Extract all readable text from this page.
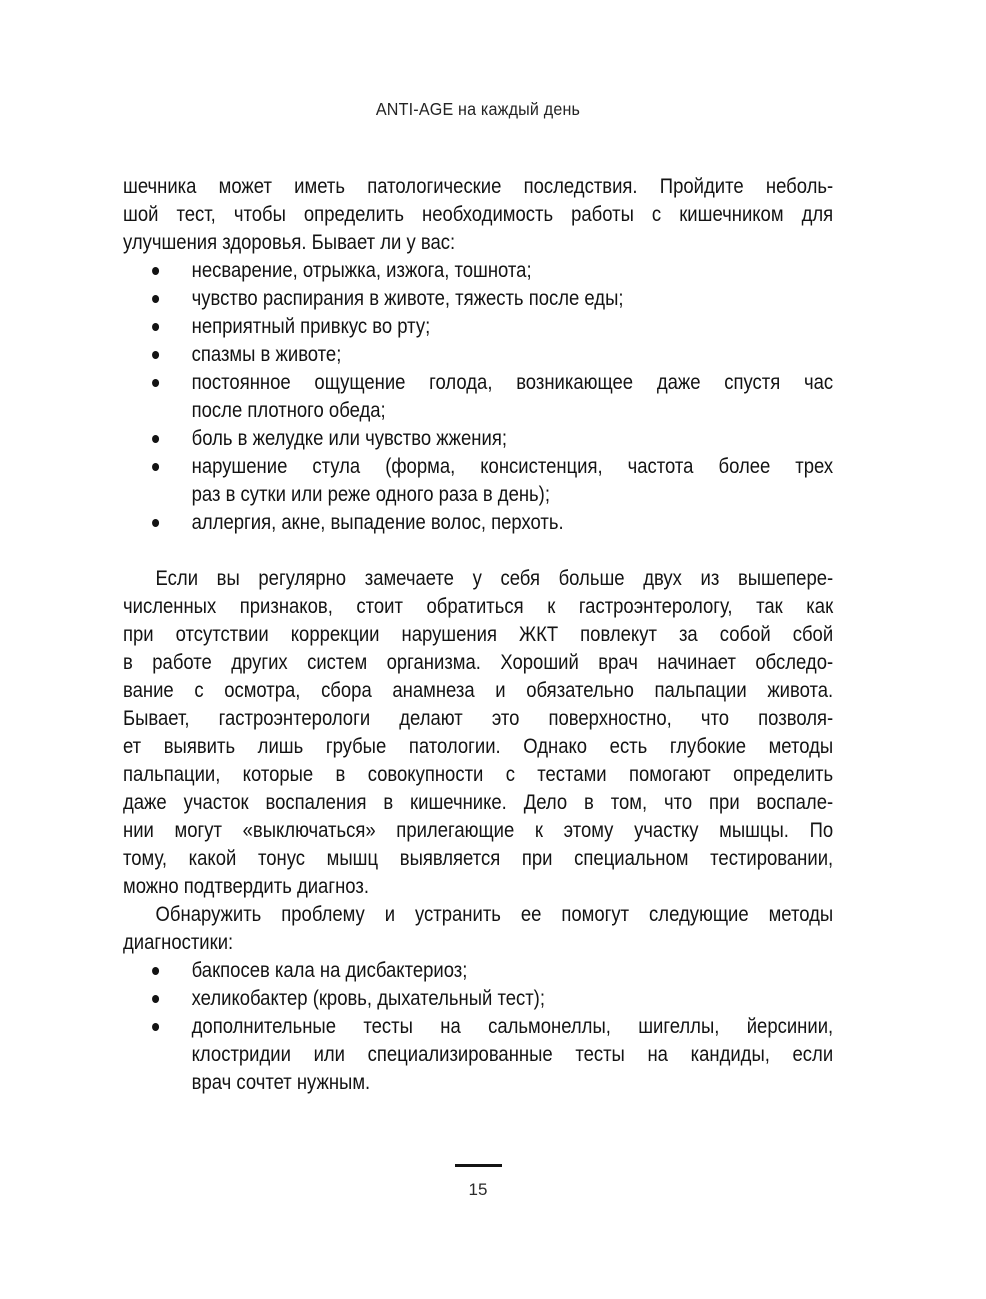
ANTI-AGE на каждый день
шечника может иметь патологические последствия. Пройдите неболь-
шой тест, чтобы определить необходимость работы с кишечником для
улучшения здоровья. Бывает ли у вас:
несварение, отрыжка, изжога, тошнота;
чувство распирания в животе, тяжесть после еды;
неприятный привкус во рту;
спазмы в животе;
постоянное ощущение голода, возникающее даже спустя час
после плотного обеда;
боль в желудке или чувство жжения;
нарушение стула (форма, консистенция, частота более трех
раз в сутки или реже одного раза в день);
аллергия, акне, выпадение волос, перхоть.
Если вы регулярно замечаете у себя больше двух из вышепере-
численных признаков, стоит обратиться к гастроэнтерологу, так как
при отсутствии коррекции нарушения ЖКТ повлекут за собой сбой
в работе других систем организма. Хороший врач начинает обследо-
вание с осмотра, сбора анамнеза и обязательно пальпации живота.
Бывает, гастроэнтерологи делают это поверхностно, что позволя-
ет выявить лишь грубые патологии. Однако есть глубокие методы
пальпации, которые в совокупности с тестами помогают определить
даже участок воспаления в кишечнике. Дело в том, что при воспале-
нии могут «выключаться» прилегающие к этому участку мышцы. По
тому, какой тонус мышц выявляется при специальном тестировании,
можно подтвердить диагноз.
Обнаружить проблему и устранить ее помогут следующие методы
диагностики:
бакпосев кала на дисбактериоз;
хеликобактер (кровь, дыхательный тест);
дополнительные тесты на сальмонеллы, шигеллы, йерсинии,
клостридии или специализированные тесты на кандиды, если
врач сочтет нужным.
15
